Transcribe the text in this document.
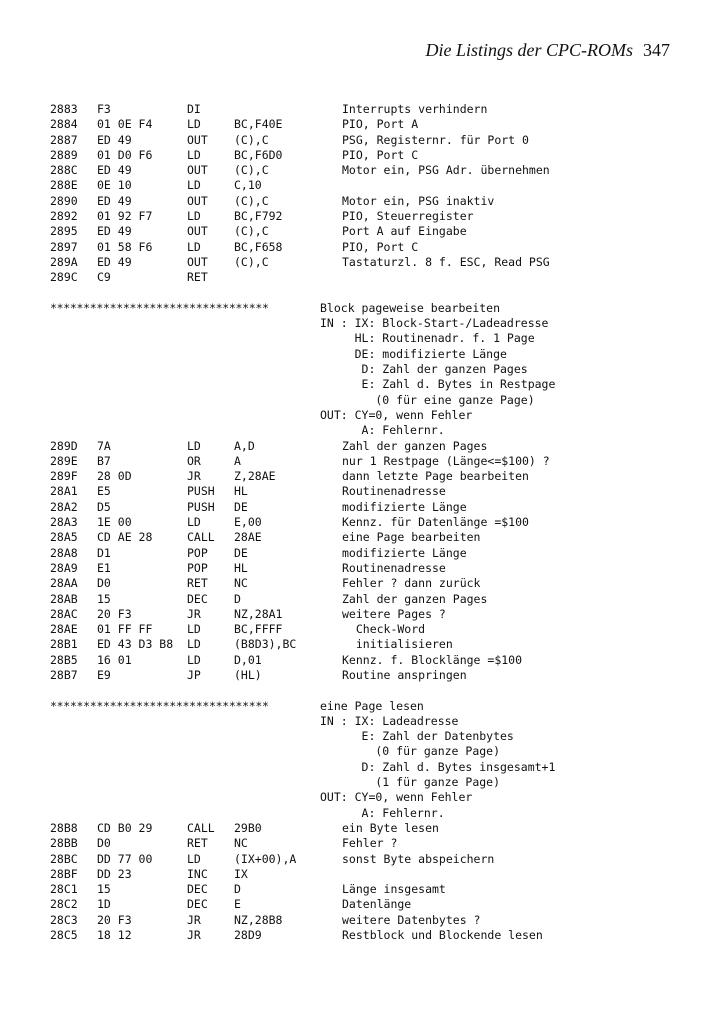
Die Listings der CPC-ROMs 347
2883	F3	DI	Interrupts verhindern
2884	01 0E F4	LD	BC,F40E	PIO, Port A
2887	ED 49	OUT	(C),C	PSG, Registernr. für Port 0
2889	01 D0 F6	LD	BC,F6D0	PIO, Port C
288C	ED 49	OUT	(C),C	Motor ein, PSG Adr. übernehmen
288E	0E 10	LD	C,10
2890	ED 49	OUT	(C),C	Motor ein, PSG inaktiv
2892	01 92 F7	LD	BC,F792	PIO, Steuerregister
2895	ED 49	OUT	(C),C	Port A auf Eingabe
2897	01 58 F6	LD	BC,F658	PIO, Port C
289A	ED 49	OUT	(C),C	Tastaturzl. 8 f. ESC, Read PSG
289C	C9	RET
*********************************	Block pageweise bearbeiten
IN : IX: Block-Start-/Ladeadresse
HL: Routinenadr. f. 1 Page
DE: modifizierte Länge
D: Zahl der ganzen Pages
E: Zahl d. Bytes in Restpage
(0 für eine ganze Page)
OUT: CY=0, wenn Fehler
A: Fehlernr.
289D	7A	LD	A,D	Zahl der ganzen Pages
289E	B7	OR	A	nur 1 Restpage (Länge<=$100) ?
289F	28 0D	JR	Z,28AE	dann letzte Page bearbeiten
28A1	E5	PUSH	HL	Routinenadresse
28A2	D5	PUSH	DE	modifizierte Länge
28A3	1E 00	LD	E,00	Kennz. für Datenlänge =$100
28A5	CD AE 28	CALL	28AE	eine Page bearbeiten
28A8	D1	POP	DE	modifizierte Länge
28A9	E1	POP	HL	Routinenadresse
28AA	D0	RET	NC	Fehler ? dann zurück
28AB	15	DEC	D	Zahl der ganzen Pages
28AC	20 F3	JR	NZ,28A1	weitere Pages ?
28AE	01 FF FF	LD	BC,FFFF	Check-Word
28B1	ED 43 D3 B8	LD	(B8D3),BC	initialisieren
28B5	16 01	LD	D,01	Kennz. f. Blocklänge =$100
28B7	E9	JP	(HL)	Routine anspringen
*********************************	eine Page lesen
IN : IX: Ladeadresse
E: Zahl der Datenbytes
(0 für ganze Page)
D: Zahl d. Bytes insgesamt+1
(1 für ganze Page)
OUT: CY=0, wenn Fehler
A: Fehlernr.
28B8	CD B0 29	CALL	29B0	ein Byte lesen
28BB	D0	RET	NC	Fehler ?
28BC	DD 77 00	LD	(IX+00),A	sonst Byte abspeichern
28BF	DD 23	INC	IX
28C1	15	DEC	D	Länge insgesamt
28C2	1D	DEC	E	Datenlänge
28C3	20 F3	JR	NZ,28B8	weitere Datenbytes ?
28C5	18 12	JR	28D9	Restblock und Blockende lesen
